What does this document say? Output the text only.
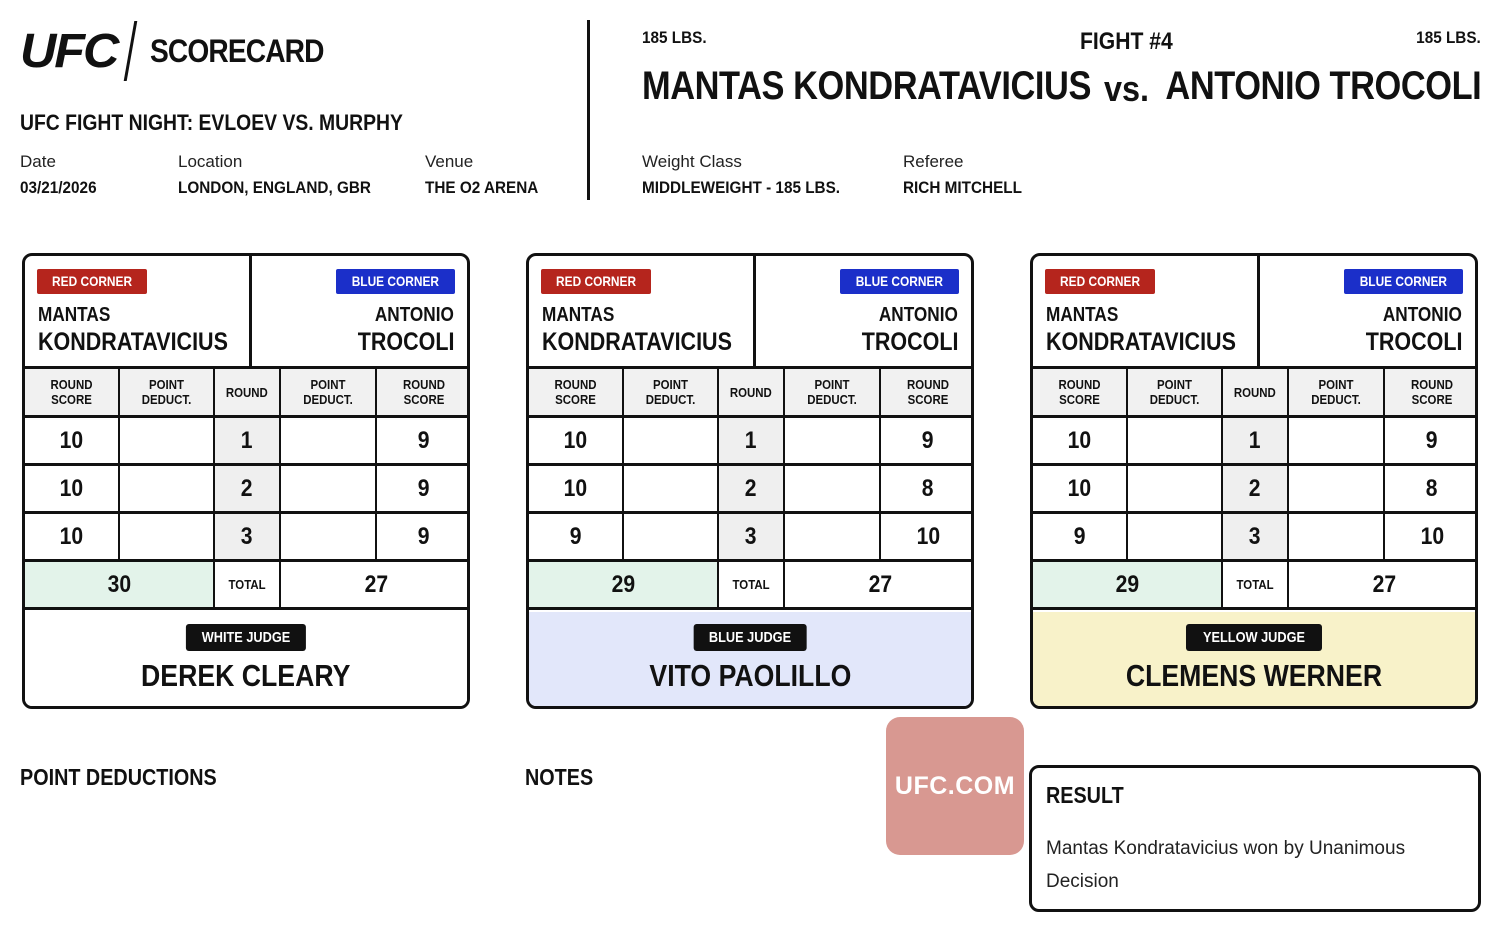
UFC SCORECARD
UFC FIGHT NIGHT: EVLOEV VS. MURPHY
Date
03/21/2026
Location
LONDON, ENGLAND, GBR
Venue
THE O2 ARENA
185 LBS.	FIGHT #4	185 LBS.
MANTAS KONDRATAVICIUS vs. ANTONIO TROCOLI
Weight Class
MIDDLEWEIGHT - 185 LBS.
Referee
RICH MITCHELL
RED CORNER	BLUE CORNER
MANTAS
KONDRATAVICIUS
ANTONIO
TROCOLI
ROUND SCORE
POINT DEDUCT.	ROUND	POINT DEDUCT.
ROUND SCORE
10	1	9
10	2	9
10	3	9
30	TOTAL	27
WHITE JUDGE
DEREK CLEARY
RED CORNER	BLUE CORNER
MANTAS
KONDRATAVICIUS
ANTONIO
TROCOLI
ROUND SCORE
POINT DEDUCT.	ROUND	POINT DEDUCT.
ROUND SCORE
10	1	9
10	2	8
9	3	10
29	TOTAL	27
BLUE JUDGE
VITO PAOLILLO
RED CORNER	BLUE CORNER
MANTAS
KONDRATAVICIUS
ANTONIO
TROCOLI
ROUND SCORE
POINT DEDUCT.	ROUND	POINT DEDUCT.
ROUND SCORE
10	1	9
10	2	8
9	3	10
29	TOTAL	27
YELLOW JUDGE
CLEMENS WERNER
POINT DEDUCTIONS	NOTES	UFC.COM RESULT
Mantas Kondratavicius won by Unanimous Decision
